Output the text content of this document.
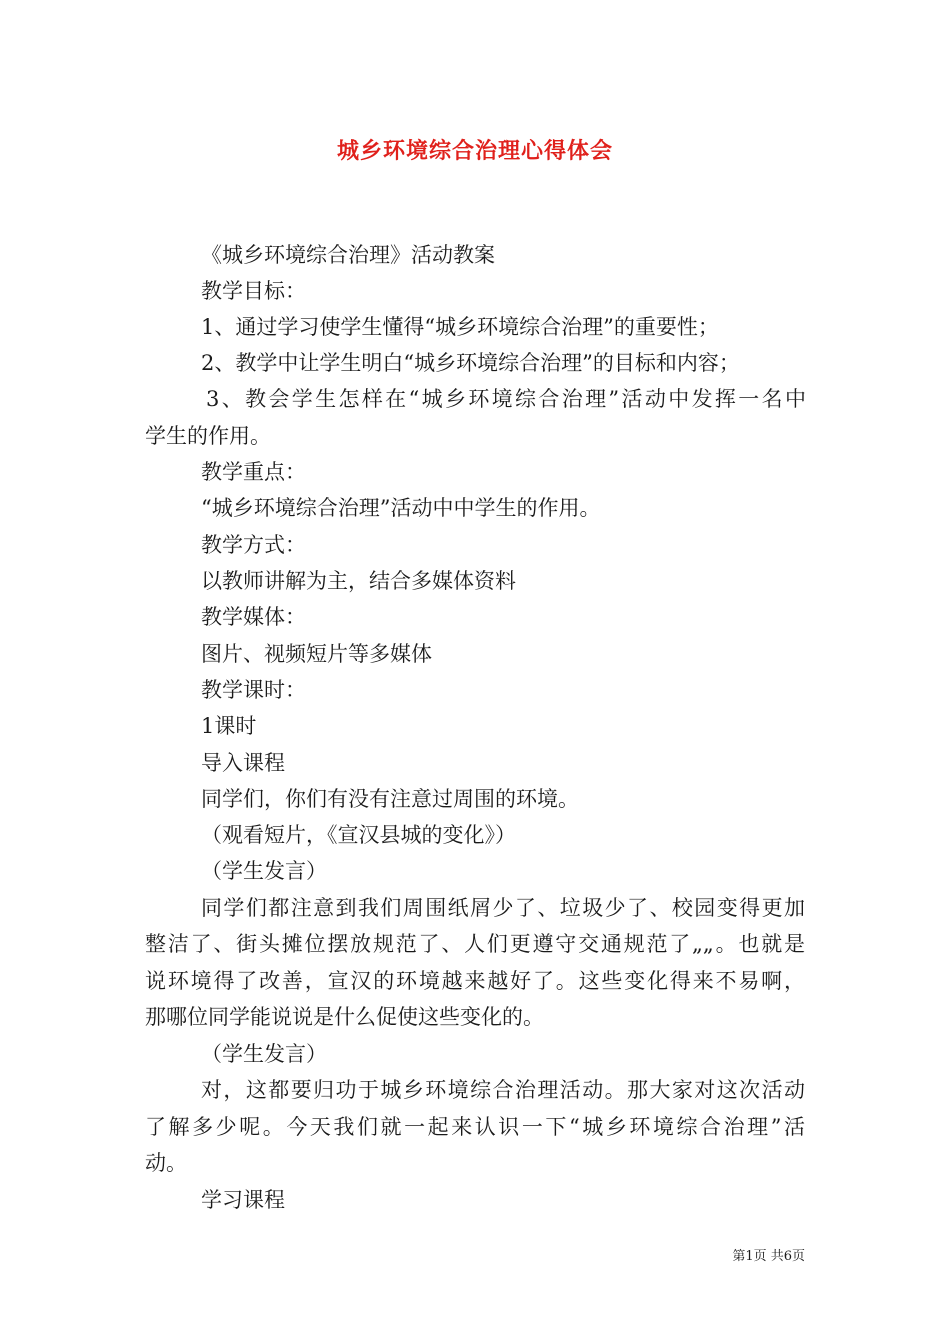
城乡环境综合治理心得体会
《城乡环境综合治理》活动教案
教学目标：
1、通过学习使学生懂得“城乡环境综合治理”的重要性；
2、教学中让学生明白“城乡环境综合治理”的目标和内容；
3、教会学生怎样在“城乡环境综合治理”活动中发挥一名中
学生的作用。
教学重点：
“城乡环境综合治理”活动中中学生的作用。
教学方式：
以教师讲解为主，结合多媒体资料
教学媒体：
图片、视频短片等多媒体
教学课时：
1课时
导入课程
同学们，你们有没有注意过周围的环境。
（观看短片，《宣汉县城的变化》）
（学生发言）
同学们都注意到我们周围纸屑少了、垃圾少了、校园变得更加
整洁了、街头摊位摆放规范了、人们更遵守交通规范了„„。也就是
说环境得了改善，宣汉的环境越来越好了。这些变化得来不易啊，
那哪位同学能说说是什么促使这些变化的。
（学生发言）
对，这都要归功于城乡环境综合治理活动。那大家对这次活动
了解多少呢。今天我们就一起来认识一下“城乡环境综合治理”活
动。
学习课程
第1页 共6页
